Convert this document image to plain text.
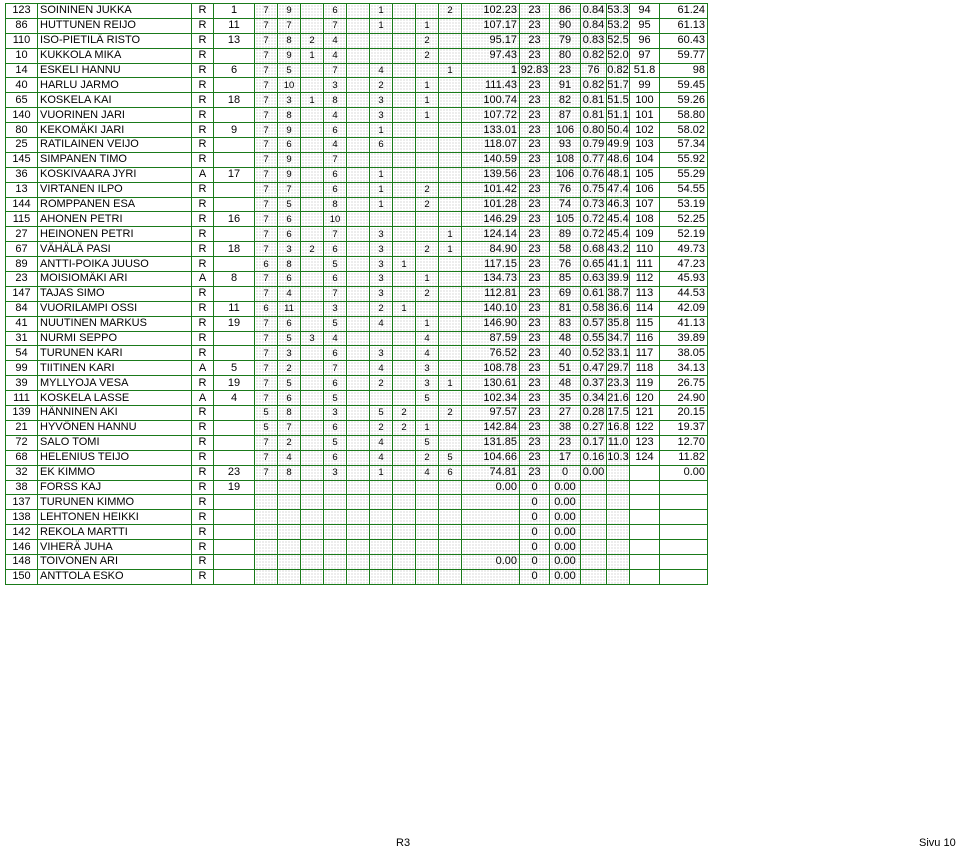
123	SOININEN JUKKA	R	1	7	9		6		1			2	102.23	23	86	0.84	53.3	94	61.24
86	HUTTUNEN REIJO	R	11	7	7		7		1		1		107.17	23	90	0.84	53.2	95	61.13
110	ISO-PIETILÄ RISTO	R	13	7	8	2	4				2		95.17	23	79	0.83	52.5	96	60.43
10	KUKKOLA MIKA	R		7	9	1	4				2		97.43	23	80	0.82	52.0	97	59.77
14	ESKELI HANNU	R	6	7	5		7		4			1	1	92.83	23	76	0.82	51.8	98
40	HARLU JARMO	R		7	10		3		2		1		111.43	23	91	0.82	51.7	99	59.45
65	KOSKELA KAI	R	18	7	3	1	8		3		1		100.74	23	82	0.81	51.5	100	59.26
140	VUORINEN JARI	R		7	8		4		3		1		107.72	23	87	0.81	51.1	101	58.80
80	KEKOMÄKI JARI	R	9	7	9		6		1				133.01	23	106	0.80	50.4	102	58.02
25	RATILAINEN VEIJO	R		7	6		4		6				118.07	23	93	0.79	49.9	103	57.34
145	SIMPANEN TIMO	R		7	9		7						140.59	23	108	0.77	48.6	104	55.92
36	KOSKIVAARA JYRI	A	17	7	9		6		1				139.56	23	106	0.76	48.1	105	55.29
13	VIRTANEN ILPO	R		7	7		6		1		2		101.42	23	76	0.75	47.4	106	54.55
144	ROMPPANEN ESA	R		7	5		8		1		2		101.28	23	74	0.73	46.3	107	53.19
115	AHONEN PETRI	R	16	7	6		10						146.29	23	105	0.72	45.4	108	52.25
27	HEINONEN PETRI	R		7	6		7		3			1	124.14	23	89	0.72	45.4	109	52.19
67	VÄHÄLÄ PASI	R	18	7	3	2	6		3		2	1	84.90	23	58	0.68	43.2	110	49.73
89	ANTTI-POIKA JUUSO	R		6	8		5		3	1			117.15	23	76	0.65	41.1	111	47.23
23	MOISIOMÄKI ARI	A	8	7	6		6		3		1		134.73	23	85	0.63	39.9	112	45.93
147	TAJAS SIMO	R		7	4		7		3		2		112.81	23	69	0.61	38.7	113	44.53
84	VUORILAMPI OSSI	R	11	6	11		3		2	1			140.10	23	81	0.58	36.6	114	42.09
41	NUUTINEN MARKUS	R	19	7	6		5		4		1		146.90	23	83	0.57	35.8	115	41.13
31	NURMI SEPPO	R		7	5	3	4				4		87.59	23	48	0.55	34.7	116	39.89
54	TURUNEN KARI	R		7	3		6		3		4		76.52	23	40	0.52	33.1	117	38.05
99	TIITINEN KARI	A	5	7	2		7		4		3		108.78	23	51	0.47	29.7	118	34.13
39	MYLLYOJA VESA	R	19	7	5		6		2		3	1	130.61	23	48	0.37	23.3	119	26.75
111	KOSKELA LASSE	A	4	7	6		5				5		102.34	23	35	0.34	21.6	120	24.90
139	HÄNNINEN AKI	R		5	8		3		5	2		2	97.57	23	27	0.28	17.5	121	20.15
21	HYVÖNEN HANNU	R		5	7		6		2	2	1		142.84	23	38	0.27	16.8	122	19.37
72	SALO TOMI	R		7	2		5		4		5		131.85	23	23	0.17	11.0	123	12.70
68	HELENIUS TEIJO	R		7	4		6		4		2	5	104.66	23	17	0.16	10.3	124	11.82
32	EK KIMMO	R	23	7	8		3		1		4	6	74.81	23	0	0.00			0.00
38	FORSS KAJ	R	19										0.00	0	0.00				
137	TURUNEN KIMMO	R												0	0.00				
138	LEHTONEN HEIKKI	R												0	0.00				
142	REKOLA MARTTI	R												0	0.00				
146	VIHERÄ JUHA	R												0	0.00				
148	TOIVONEN ARI	R											0.00	0	0.00				
150	ANTTOLA ESKO	R												0	0.00				
R3	Sivu 10
